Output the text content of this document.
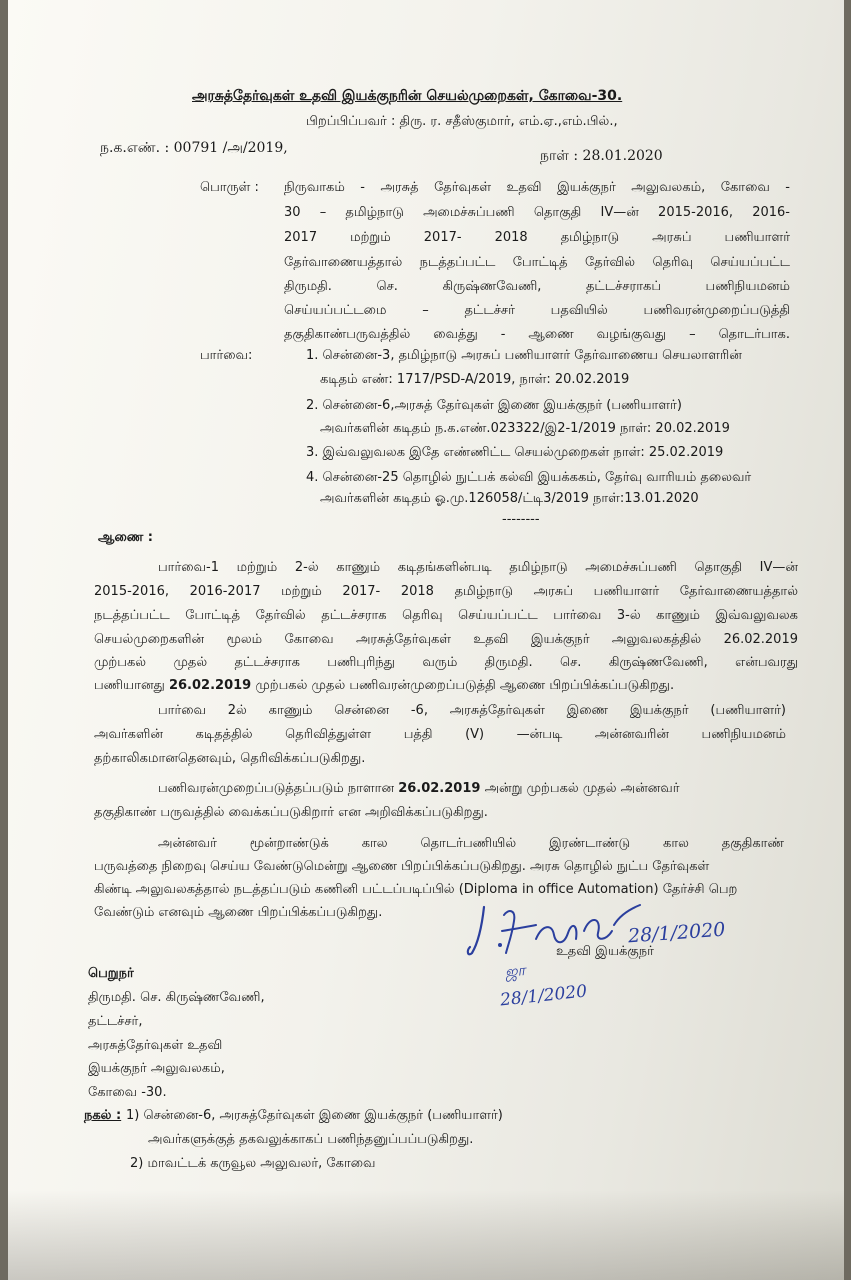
அரசுத்தேர்வுகள் உதவி இயக்குநரின் செயல்முறைகள், கோவை-30.
பிறப்பிப்பவர் : திரு. ர. சதீஸ்குமார், எம்.ஏ.,எம்.பில்.,
ந.க.எண். : 00791 /அ/2019,	நாள் : 28.01.2020
பொருள் : நிருவாகம் - அரசுத் தேர்வுகள் உதவி இயக்குநர் அலுவலகம், கோவை -
30 – தமிழ்நாடு அமைச்சுப்பணி தொகுதி IV—ன் 2015-2016, 2016-
2017 மற்றும் 2017- 2018 தமிழ்நாடு அரசுப் பணியாளர்
தேர்வாணையத்தால் நடத்தப்பட்ட போட்டித் தேர்வில் தெரிவு செய்யப்பட்ட
திருமதி. செ. கிருஷ்ணவேணி, தட்டச்சராகப் பணிநியமனம்
செய்யப்பட்டமை – தட்டச்சர் பதவியில் பணிவரன்முறைப்படுத்தி
தகுதிகாண்பருவத்தில் வைத்து - ஆணை வழங்குவது – தொடர்பாக.
பார்வை:	1. சென்னை-3, தமிழ்நாடு அரசுப் பணியாளர் தேர்வாணைய செயலாளரின்
கடிதம் எண்: 1717/PSD-A/2019, நாள்: 20.02.2019
2. சென்னை-6,அரசுத் தேர்வுகள் இணை இயக்குநர் (பணியாளர்)
அவர்களின் கடிதம் ந.க.எண்.023322/இ2-1/2019 நாள்: 20.02.2019
3. இவ்வலுவலக இதே எண்ணிட்ட செயல்முறைகள் நாள்: 25.02.2019
4. சென்னை-25 தொழில் நுட்பக் கல்வி இயக்ககம், தேர்வு வாரியம் தலைவர்
அவர்களின் கடிதம் ஓ.மு.126058/ட்டி3/2019 நாள்:13.01.2020
--------
ஆணை :
பார்வை-1 மற்றும் 2-ல் காணும் கடிதங்களின்படி தமிழ்நாடு அமைச்சுப்பணி தொகுதி IV—ன்
2015-2016, 2016-2017 மற்றும் 2017- 2018 தமிழ்நாடு அரசுப் பணியாளர் தேர்வாணையத்தால்
நடத்தப்பட்ட போட்டித் தேர்வில் தட்டச்சராக தெரிவு செய்யப்பட்ட பார்வை 3-ல் காணும் இவ்வலுவலக
செயல்முறைகளின் மூலம் கோவை அரசுத்தேர்வுகள் உதவி இயக்குநர் அலுவலகத்தில் 26.02.2019
முற்பகல் முதல் தட்டச்சராக பணிபுரிந்து வரும் திருமதி. செ. கிருஷ்ணவேணி, என்பவரது
பணியானது 26.02.2019 முற்பகல் முதல் பணிவரன்முறைப்படுத்தி ஆணை பிறப்பிக்கப்படுகிறது.
பார்வை 2ல் காணும் சென்னை -6, அரசுத்தேர்வுகள் இணை இயக்குநர் (பணியாளர்)
அவர்களின் கடிதத்தில் தெரிவித்துள்ள பத்தி (V) —ன்படி அன்னவரின் பணிநியமனம்
தற்காலிகமானதெனவும், தெரிவிக்கப்படுகிறது.
பணிவரன்முறைப்படுத்தப்படும் நாளான 26.02.2019 அன்று முற்பகல் முதல் அன்னவர்
தகுதிகாண் பருவத்தில் வைக்கப்படுகிறார் என அறிவிக்கப்படுகிறது.
அன்னவர் மூன்றாண்டுக் கால தொடர்பணியில் இரண்டாண்டு கால தகுதிகாண்
பருவத்தை நிறைவு செய்ய வேண்டுமென்று ஆணை பிறப்பிக்கப்படுகிறது. அரசு தொழில் நுட்ப தேர்வுகள்
கிண்டி அலுவலகத்தால் நடத்தப்படும் கணினி பட்டப்படிப்பில் (Diploma in office Automation) தேர்ச்சி பெற
வேண்டும் எனவும் ஆணை பிறப்பிக்கப்படுகிறது.
28/1/2020
உதவி இயக்குநர்
ஜா
28/1/2020
பெறுநர்
திருமதி. செ. கிருஷ்ணவேணி,
தட்டச்சர்,
அரசுத்தேர்வுகள் உதவி
இயக்குநர் அலுவலகம்,
கோவை -30.
நகல் : 1) சென்னை-6, அரசுத்தேர்வுகள் இணை இயக்குநர் (பணியாளர்)
அவர்களுக்குத் தகவலுக்காகப் பணிந்தனுப்பப்படுகிறது.
2) மாவட்டக் கருவூல அலுவலர், கோவை
